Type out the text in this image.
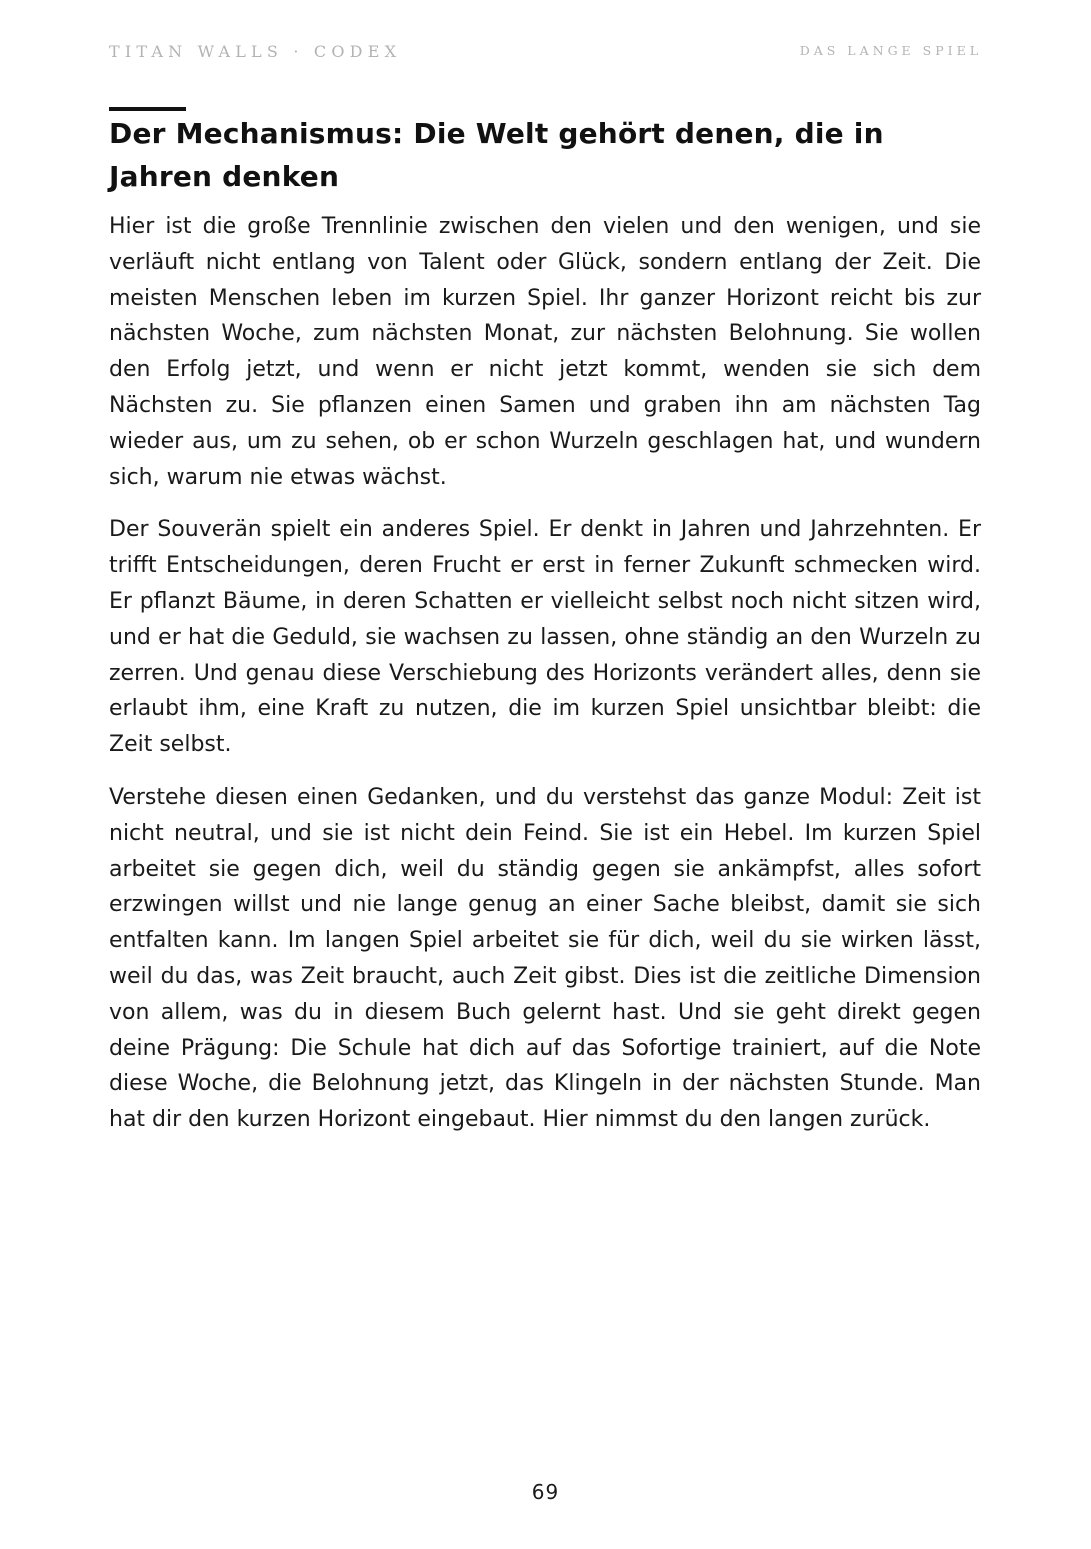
TITAN WALLS · CODEX	DAS LANGE SPIEL
Der Mechanismus: Die Welt gehört denen, die in Jahren denken

Hier ist die große Trennlinie zwischen den vielen und den wenigen, und sie verläuft nicht entlang von Talent oder Glück, sondern entlang der Zeit. Die meisten Menschen leben im kurzen Spiel. Ihr ganzer Horizont reicht bis zur nächsten Woche, zum nächsten Monat, zur nächsten Belohnung. Sie wollen den Erfolg jetzt, und wenn er nicht jetzt kommt, wenden sie sich dem Nächsten zu. Sie pflanzen einen Samen und graben ihn am nächsten Tag wieder aus, um zu sehen, ob er schon Wurzeln geschlagen hat, und wundern sich, warum nie etwas wächst.

Der Souverän spielt ein anderes Spiel. Er denkt in Jahren und Jahrzehnten. Er trifft Entscheidungen, deren Frucht er erst in ferner Zukunft schmecken wird. Er pflanzt Bäume, in deren Schatten er vielleicht selbst noch nicht sitzen wird, und er hat die Geduld, sie wachsen zu lassen, ohne ständig an den Wurzeln zu zerren. Und genau diese Verschiebung des Horizonts verändert alles, denn sie erlaubt ihm, eine Kraft zu nutzen, die im kurzen Spiel unsichtbar bleibt: die Zeit selbst.

Verstehe diesen einen Gedanken, und du verstehst das ganze Modul: Zeit ist nicht neutral, und sie ist nicht dein Feind. Sie ist ein Hebel. Im kurzen Spiel arbeitet sie gegen dich, weil du ständig gegen sie ankämpfst, alles sofort erzwingen willst und nie lange genug an einer Sache bleibst, damit sie sich entfalten kann. Im langen Spiel arbeitet sie für dich, weil du sie wirken lässt, weil du das, was Zeit braucht, auch Zeit gibst. Dies ist die zeitliche Dimension von allem, was du in diesem Buch gelernt hast. Und sie geht direkt gegen deine Prägung: Die Schule hat dich auf das Sofortige trainiert, auf die Note diese Woche, die Belohnung jetzt, das Klingeln in der nächsten Stunde. Man hat dir den kurzen Horizont eingebaut. Hier nimmst du den langen zurück.

69
